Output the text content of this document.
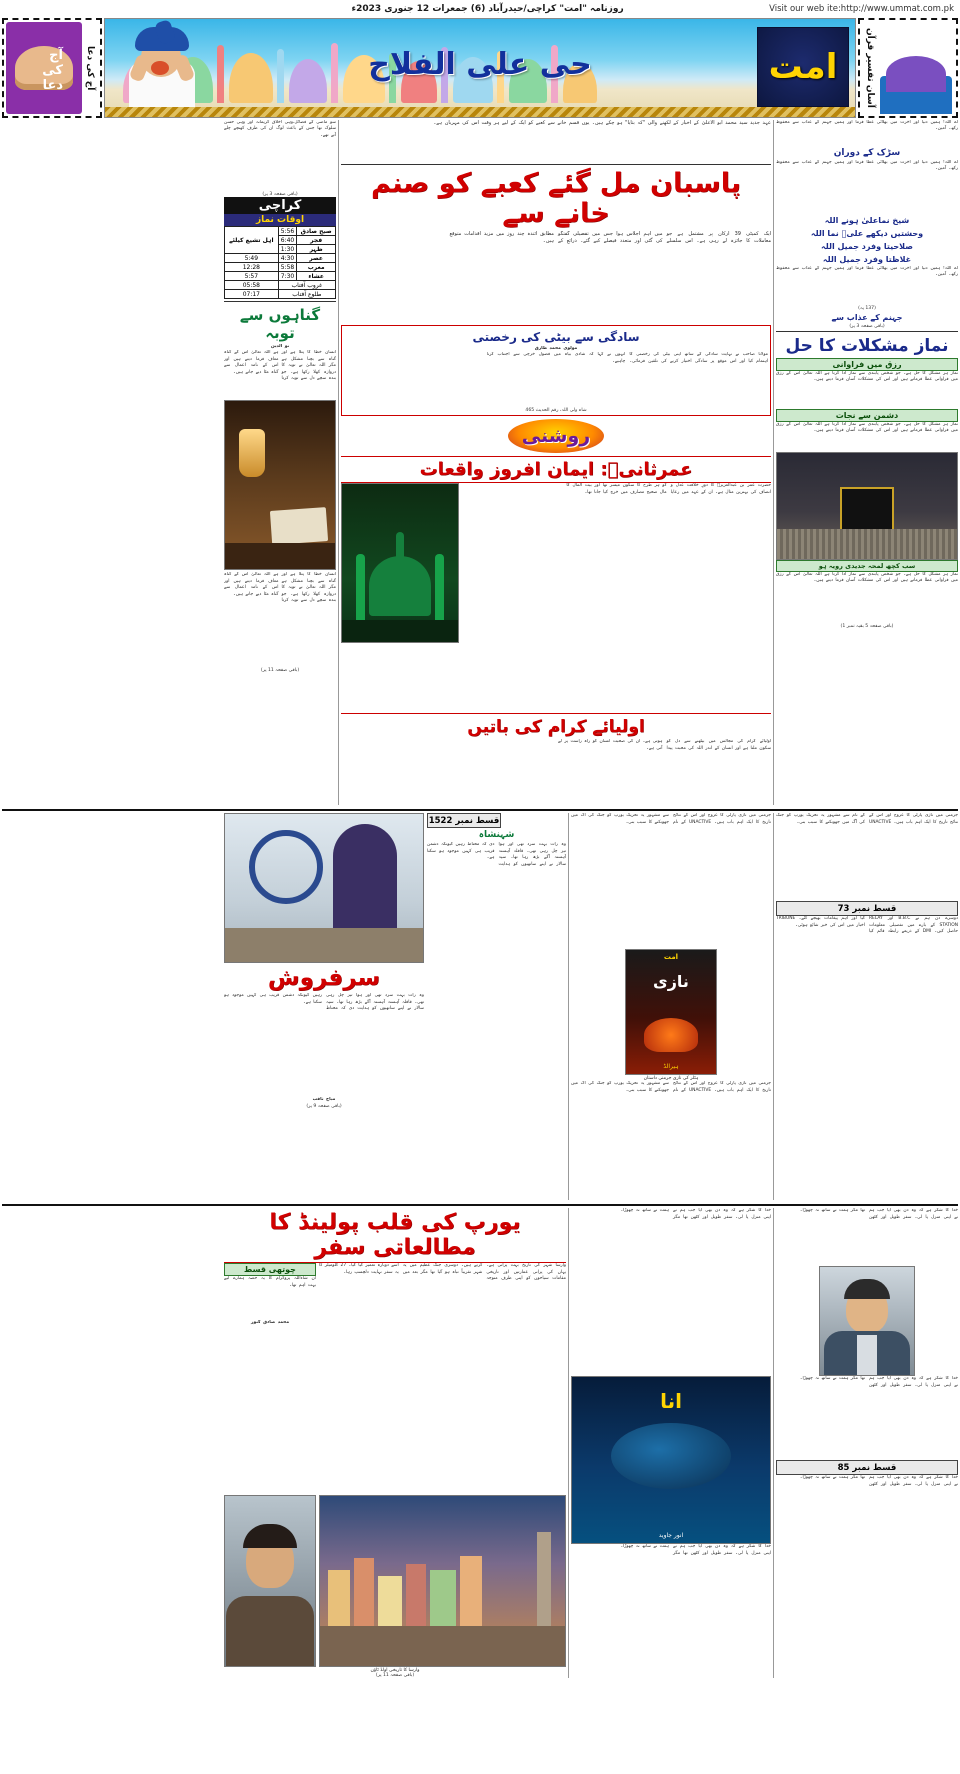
Visit our web ite:http://www.ummat.com.pk
روزنامہ "امت" کراچی/حیدرآباد (6) جمعرات 12 جنوری 2023ء
آج کی دعا
آج کی دعا
حی علی الفلاح	امت	آسان تفسیر قرآن
اے اللہ! ہمیں دنیا اور آخرت میں بھلائی عطا فرما اور ہمیں جہنم کے عذاب سے محفوظ رکھ۔ آمین۔
سڑک کے دوران
اے اللہ! ہمیں دنیا اور آخرت میں بھلائی عطا فرما اور ہمیں جہنم کے عذاب سے محفوظ رکھ۔ آمین۔
شیخ نماعلیٰ ہونے اللہ
وحشتیں دیکھے علیؓ نما اللہ
صلاحیتا وفرد جمیل اللہ
غلاظتا وفرد جمیل اللہ
اے اللہ! ہمیں دنیا اور آخرت میں بھلائی عطا فرما اور ہمیں جہنم کے عذاب سے محفوظ رکھ۔ آمین۔
(137 پہ)
جہنم کے عذاب سے
(باقی صفحہ 3 پر)
نماز مشکلات کا حل
رزق میں فراوانی
نماز ہر مشکل کا حل ہے۔ جو شخص پابندی سے نماز ادا کرتا ہے اللہ تعالیٰ اس کے رزق میں فراوانی عطا فرماتے ہیں اور اس کی مشکلات آسان فرما دیتے ہیں۔
دشمن سے نجات
نماز ہر مشکل کا حل ہے۔ جو شخص پابندی سے نماز ادا کرتا ہے اللہ تعالیٰ اس کے رزق میں فراوانی عطا فرماتے ہیں اور اس کی مشکلات آسان فرما دیتے ہیں۔
سب کچھ لمحہ جدیدی رویہ ہو
نماز ہر مشکل کا حل ہے۔ جو شخص پابندی سے نماز ادا کرتا ہے اللہ تعالیٰ اس کے رزق میں فراوانی عطا فرماتے ہیں اور اس کی مشکلات آسان فرما دیتے ہیں۔
(باقی صفحہ 5 بقیہ نمبر 1)
عہد جدید سید محمد ابو الاعلیٰ کے اخبار کے لکھنے والی "کہ بتایا" ہو چکے ہیں۔ یوں قسم خانے سے کعبے کو ایک کے لیے ہر وقت اس کی مہربان ہے۔
پاسبان مل گئے کعبے کو صنم خانے سے
ایک کمیٹی 39 ارکان پر مشتمل ہے جو معاملات کا جائزہ لے رہی ہے۔ اس سلسلے میں اہم اجلاس ہوا جس میں تفصیلی گفتگو کی گئی اور متعدد فیصلے کیے گئے۔ ذرائع کے مطابق آئندہ چند روز میں مزید اقدامات متوقع ہیں۔
سادگی سے بیٹی کی رخصتی
مولوی محمد طارق
مولانا صاحب نے نہایت سادگی کے ساتھ اپنی بیٹی کی رخصتی کا اہتمام کیا اور اس موقع پر سادگی اختیار کرنے کی تلقین فرمائی۔ انہوں نے کہا کہ شادی بیاہ میں فضول خرچی سے اجتناب کرنا چاہیے۔
شاہ ولی اللہ، رقم الحدیث 465
روشنی
عمرثانیؒ: ایمان افروز واقعات
حضرت عمر بن عبدالعزیزؒ کا دورِ خلافت عدل و انصاف کی بہترین مثال ہے۔ ان کے عہد میں رعایا کو ہر طرح کا سکون میسر تھا اور بیت المال کا مال صحیح مصارف میں خرچ کیا جاتا تھا۔
اولیائے کرام کی باتیں
اولیائے کرام کی مجالس میں بیٹھنے سے دل کو سکون ملتا ہے اور انسان کے اندر اللہ کی محبت پیدا ہوتی ہے۔ ان کی صحبت انسان کو راہ راست پر لے آتی ہے۔
سو ماضی کے فضائل،وہی اخلاق کریمانہ اور وہی حسن سلوک تھا جس کے باعث لوگ ان کی طرف کھنچے چلے آتے تھے۔
(باقی صفحہ 3 پر)
کراچی
اوقات نماز
صبح صادق	5:56	اہل تشیع کیلئے
فجر	6:40	
ظہر	1:30	
عصر	4:30	5:49
مغرب	5:58	12:28
عشاء	7:30	5:57
غروب آفتاب		05:58
طلوع آفتاب		07:17
گناہوں سے توبہ
نو الدین
انسان خطا کا پتلا ہے اور گناہ سے بچنا مشکل ہے مگر اللہ تعالیٰ نے توبہ کا دروازہ کھلا رکھا ہے۔ جو بندہ سچے دل سے توبہ کرتا ہے اللہ تعالیٰ اس کے گناہ معاف فرما دیتے ہیں اور اس کے نامہ اعمال سے گناہ مٹا دیے جاتے ہیں۔
انسان خطا کا پتلا ہے اور گناہ سے بچنا مشکل ہے مگر اللہ تعالیٰ نے توبہ کا دروازہ کھلا رکھا ہے۔ جو بندہ سچے دل سے توبہ کرتا ہے اللہ تعالیٰ اس کے گناہ معاف فرما دیتے ہیں اور اس کے نامہ اعمال سے گناہ مٹا دیے جاتے ہیں۔
(باقی صفحہ 11 پر)
جرمنی میں نازی پارٹی کا عروج اور اس کے نتائج تاریخ کا ایک اہم باب ہیں۔ UNACTIVE کے نام سے مشہور یہ تحریک یورپ کو جنگ کی آگ میں جھونکنے کا سبب بنی۔
قسط نمبر 73
دوسرے دن ہم نے B.B.C اور RELAY STATION کے بارے میں تفصیلی معلومات حاصل کیں۔ DMI کے ذریعے رابطہ قائم کیا گیا اور اہم پیغامات بھیجے گئے۔ TRIBUNE اخبار میں اس کی خبر شائع ہوئی۔
جرمنی میں نازی پارٹی کا عروج اور اس کے نتائج تاریخ کا ایک اہم باب ہیں۔ UNACTIVE کے نام سے مشہور یہ تحریک یورپ کو جنگ کی آگ میں جھونکنے کا سبب بنی۔
امت
نازی
ہیرالڈ
ہٹلر کی نازی جرمنی داستان
جرمنی میں نازی پارٹی کا عروج اور اس کے نتائج تاریخ کا ایک اہم باب ہیں۔ UNACTIVE کے نام سے مشہور یہ تحریک یورپ کو جنگ کی آگ میں جھونکنے کا سبب بنی۔
قسط نمبر 1522
شہنشاہ
وہ رات بہت سرد تھی اور ہوا تیز چل رہی تھی۔ قافلہ آہستہ آہستہ آگے بڑھ رہا تھا۔ سپہ سالار نے اپنے ساتھیوں کو ہدایت دی کہ محتاط رہیں کیونکہ دشمن قریب ہی کہیں موجود ہو سکتا ہے۔
سرفروش
وہ رات بہت سرد تھی اور ہوا تیز چل رہی تھی۔ قافلہ آہستہ آہستہ آگے بڑھ رہا تھا۔ سپہ سالار نے اپنے ساتھیوں کو ہدایت دی کہ محتاط رہیں کیونکہ دشمن قریب ہی کہیں موجود ہو سکتا ہے۔
مباح ثاقب
(باقی صفحہ 9 پر)
خدا کا شکر ہے کہ وہ دن بھی آیا جب ہم نے اپنی منزل پا لی۔ سفر طویل اور کٹھن تھا مگر ہمت نے ساتھ نہ چھوڑا۔
خدا کا شکر ہے کہ وہ دن بھی آیا جب ہم نے اپنی منزل پا لی۔ سفر طویل اور کٹھن تھا مگر ہمت نے ساتھ نہ چھوڑا۔
قسط نمبر 85
خدا کا شکر ہے کہ وہ دن بھی آیا جب ہم نے اپنی منزل پا لی۔ سفر طویل اور کٹھن تھا مگر ہمت نے ساتھ نہ چھوڑا۔
خدا کا شکر ہے کہ وہ دن بھی آیا جب ہم نے اپنی منزل پا لی۔ سفر طویل اور کٹھن تھا مگر ہمت نے ساتھ نہ چھوڑا۔
انا
انور جاوید
خدا کا شکر ہے کہ وہ دن بھی آیا جب ہم نے اپنی منزل پا لی۔ سفر طویل اور کٹھن تھا مگر ہمت نے ساتھ نہ چھوڑا۔
یورپ کی قلب پولینڈ کا مطالعاتی سفر
وارسا شہر کی تاریخ بہت پرانی ہے۔ یہاں کی پرانی عمارتیں اور تاریخی مقامات سیاحوں کو اپنی طرف متوجہ کرتے ہیں۔ دوسری جنگ عظیم میں یہ شہر تقریباً تباہ ہو گیا تھا مگر بعد میں اسے دوبارہ تعمیر کیا گیا۔ 27 کلومیٹر کا یہ سفر نہایت دلچسپ رہا۔
چوتھی قسط
ان شاءاللہ پروگرام کا یہ حصہ ہمارے لیے بہت اہم تھا۔
محمد صادق کنور
وارسا کا تاریخی اولڈ ٹاؤن
(باقی صفحہ 11 پر)
